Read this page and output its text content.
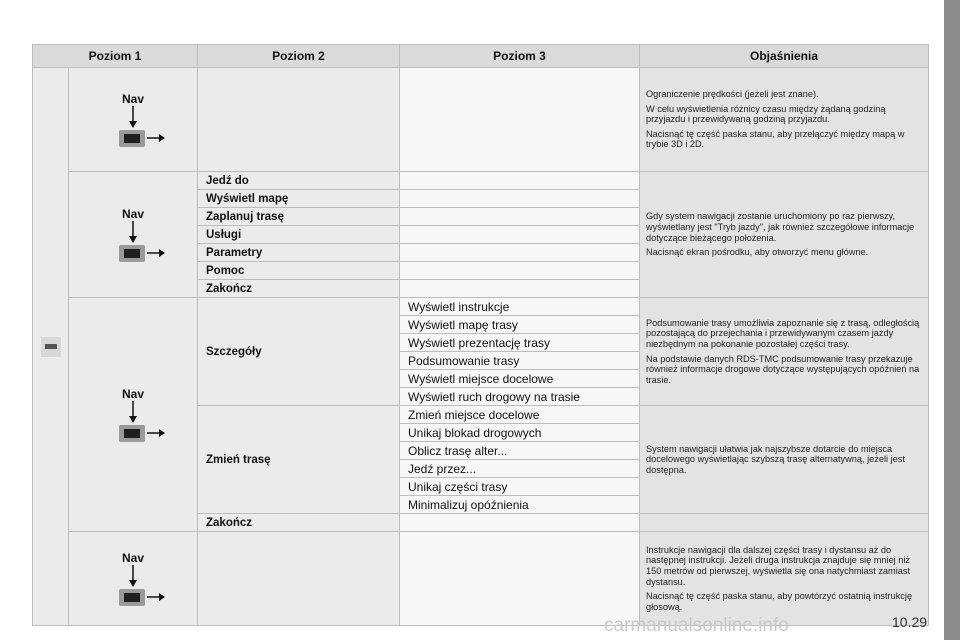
Poziom 1		Poziom 2	Poziom 3	Objaśnienia

	Nav			Ograniczenie prędkości (jeżeli jest znane).

W celu wyświetlenia różnicy czasu między żądaną godziną przyjazdu i przewidywaną godziną przyjazdu.

Nacisnąć tę część paska stanu, aby przełączyć między mapą w trybie 3D i 2D.

	Nav	Jedź do		Gdy system nawigacji zostanie uruchomiony po raz pierwszy, wyświetlany jest "Tryb jazdy", jak również szczegółowe informacje dotyczące bieżącego położenia.

Nacisnąć ekran pośrodku, aby otworzyć menu główne.

		Wyświetl mapę		
		Zaplanuj trasę		
		Usługi		
		Parametry		
		Pomoc		
		Zakończ		

	Nav	Szczegóły	Wyświetl instrukcje	Podsumowanie trasy umożliwia zapoznanie się z trasą, odległością pozostającą do przejechania i przewidywanym czasem jazdy niezbędnym na pokonanie pozostałej części trasy.

Na podstawie danych RDS-TMC podsumowanie trasy przekazuje również informacje drogowe dotyczące występujących opóźnień na trasie.

			Wyświetl mapę trasy	
			Wyświetl prezentację trasy	
			Podsumowanie trasy	
			Wyświetl miejsce docelowe	
			Wyświetl ruch drogowy na trasie	
		Zmień trasę	Zmień miejsce docelowe	System nawigacji ułatwia jak najszybsze dotarcie do miejsca docelowego wyświetlając szybszą trasę alternatywną, jeżeli jest dostępna.

			Unikaj blokad drogowych	
			Oblicz trasę alter...	
			Jedź przez...	
			Unikaj części trasy	
			Minimalizuj opóźnienia	
		Zakończ		

	Nav			Instrukcje nawigacji dla dalszej części trasy i dystansu aż do następnej instrukcji. Jeżeli druga instrukcja znajduje się mniej niż 150 metrów od pierwszej, wyświetla się ona natychmiast zamiast dystansu.

Nacisnąć tę część paska stanu, aby powtórzyć ostatnią instrukcję głosową.

carmanualsonline.info	10.29
